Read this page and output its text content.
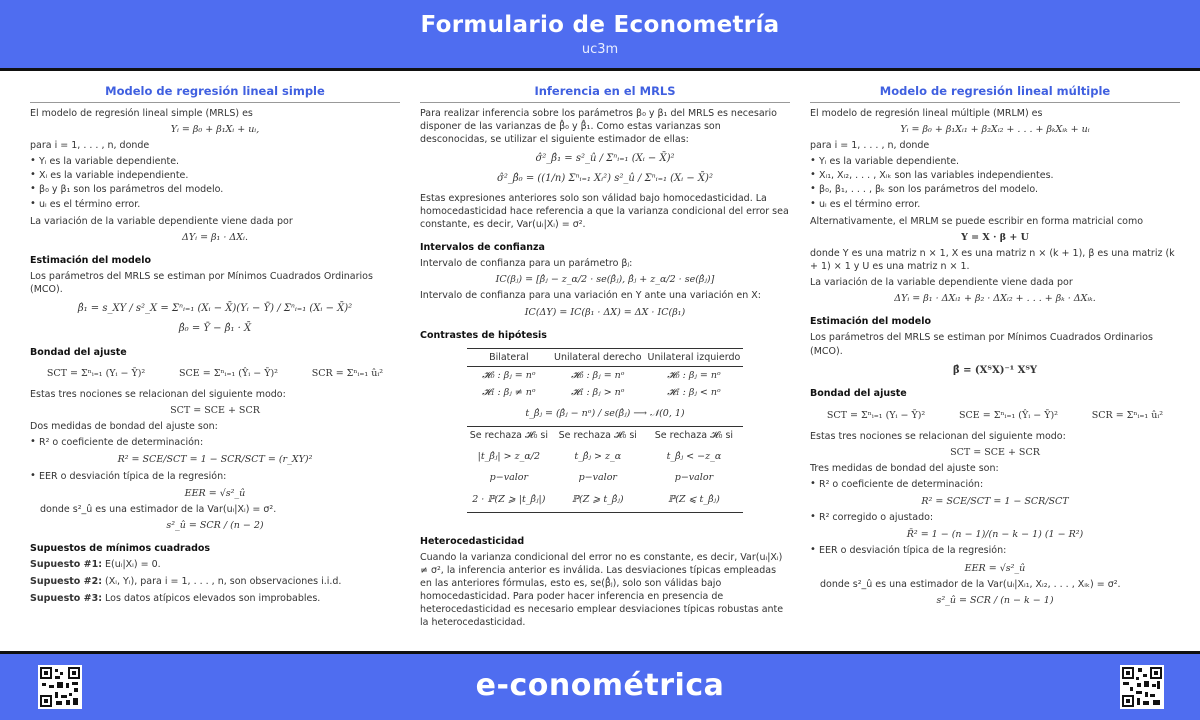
Formulario de Econometría
uc3m
Modelo de regresión lineal simple

El modelo de regresión lineal simple (MRLS) es

Yᵢ = β₀ + β₁Xᵢ + uᵢ,

para i = 1, . . . , n, donde

• Yᵢ es la variable dependiente.
• Xᵢ es la variable independiente.
• β₀ y β₁ son los parámetros del modelo.
• uᵢ es el término error.

La variación de la variable dependiente viene dada por

ΔYᵢ = β₁ · ΔXᵢ.
Estimación del modelo

Los parámetros del MRLS se estiman por Mínimos Cuadrados Ordinarios (MCO).

β̂₁ = s_XY / s²_X = Σⁿᵢ₌₁ (Xᵢ − X̄)(Yᵢ − Ȳ) / Σⁿᵢ₌₁ (Xᵢ − X̄)²
β̂₀ = Ȳ − β̂₁ · X̄
Bondad del ajuste
SCT = Σⁿᵢ₌₁ (Yᵢ − Ȳ)²	SCE = Σⁿᵢ₌₁ (Ŷᵢ − Ȳ)²	SCR = Σⁿᵢ₌₁ ûᵢ²

Estas tres nociones se relacionan del siguiente modo:

SCT = SCE + SCR

Dos medidas de bondad del ajuste son:

• R² o coeficiente de determinación:
R² = SCE/SCT = 1 − SCR/SCT = (r_XY)²
• EER o desviación típica de la regresión:
EER = √s²_û

donde s²_û es una estimador de la Var(uᵢ|Xᵢ) = σ².

s²_û = SCR / (n − 2)
Supuestos de mínimos cuadrados

Supuesto #1: E(uᵢ|Xᵢ) = 0.

Supuesto #2: (Xᵢ, Yᵢ), para i = 1, . . . , n, son observaciones i.i.d.

Supuesto #3: Los datos atípicos elevados son improbables.

Inferencia en el MRLS

Para realizar inferencia sobre los parámetros β₀ y β₁ del MRLS es necesario disponer de las varianzas de β̂₀ y β̂₁. Como estas varianzas son desconocidas, se utilizar el siguiente estimador de ellas:

σ̂²_β̂₁ = s²_û / Σⁿᵢ₌₁ (Xᵢ − X̄)²
σ̂²_β̂₀ = ((1/n) Σⁿᵢ₌₁ Xᵢ²) s²_û / Σⁿᵢ₌₁ (Xᵢ − X̄)²

Estas expresiones anteriores solo son válidad bajo homocedasticidad. La homocedasticidad hace referencia a que la varianza condicional del error sea constante, es decir, Var(uᵢ|Xᵢ) = σ².

Intervalos de confianza

Intervalo de confianza para un parámetro βⱼ:

IC(βⱼ) = [β̂ⱼ − z_α/2 · se(β̂ⱼ), β̂ⱼ + z_α/2 · se(β̂ⱼ)]

Intervalo de confianza para una variación en Y ante una variación en X:

IC(ΔY) = IC(β₁ · ΔX) = ΔX · IC(β₁)
Contrastes de hipótesis
Bilateral	Unilateral derecho	Unilateral izquierdo
𝓗₀ : βⱼ = nᵒ	𝓗₀ : βⱼ = nᵒ	𝓗₀ : βⱼ = nᵒ
𝓗₁ : βⱼ ≠ nᵒ	𝓗₁ : βⱼ > nᵒ	𝓗₁ : βⱼ < nᵒ
t_β̂ⱼ = (β̂ⱼ − nᵒ) / se(β̂ⱼ) ⟶ 𝒩(0, 1)		
Se rechaza 𝓗₀ si	Se rechaza 𝓗₀ si	Se rechaza 𝓗₀ si
|t_β̂ⱼ| > z_α/2	t_β̂ⱼ > z_α	t_β̂ⱼ < −z_α
p−valor	p−valor	p−valor
2 · ℙ(Z ⩾ |t_β̂ⱼ|)	ℙ(Z ⩾ t_β̂ⱼ)	ℙ(Z ⩽ t_β̂ⱼ)
Heterocedasticidad

Cuando la varianza condicional del error no es constante, es decir, Var(uᵢ|Xᵢ) ≠ σ², la inferencia anterior es inválida. Las desviaciones típicas empleadas en las anteriores fórmulas, esto es, se(β̂ⱼ), solo son válidas bajo homocedasticidad. Para poder hacer inferencia en presencia de heterocedasticidad es necesario emplear desviaciones típicas robustas ante la heterocedasticidad.

Modelo de regresión lineal múltiple

El modelo de regresión lineal múltiple (MRLM) es

Yᵢ = β₀ + β₁Xᵢ₁ + β₂Xᵢ₂ + . . . + βₖXᵢₖ + uᵢ

para i = 1, . . . , n, donde

• Yᵢ es la variable dependiente.
• Xᵢ₁, Xᵢ₂, . . . , Xᵢₖ son las variables independientes.
• β₀, β₁, . . . , βₖ son los parámetros del modelo.
• uᵢ es el término error.

Alternativamente, el MRLM se puede escribir en forma matricial como

Y = X · β + U

donde Y es una matriz n × 1, X es una matriz n × (k + 1), β es una matriz (k + 1) × 1 y U es una matriz n × 1.

La variación de la variable dependiente viene dada por

ΔYᵢ = β₁ · ΔXᵢ₁ + β₂ · ΔXᵢ₂ + . . . + βₖ · ΔXᵢₖ.
Estimación del modelo

Los parámetros del MRLS se estiman por Mínimos Cuadrados Ordinarios (MCO).

β̂ = (XᵀX)⁻¹ XᵀY
Bondad del ajuste
SCT = Σⁿᵢ₌₁ (Yᵢ − Ȳ)²	SCE = Σⁿᵢ₌₁ (Ŷᵢ − Ȳ)²	SCR = Σⁿᵢ₌₁ ûᵢ²

Estas tres nociones se relacionan del siguiente modo:

SCT = SCE + SCR

Tres medidas de bondad del ajuste son:

• R² o coeficiente de determinación:
R² = SCE/SCT = 1 − SCR/SCT
• R² corregido o ajustado:
R̄² = 1 − (n − 1)/(n − k − 1) (1 − R²)
• EER o desviación típica de la regresión:
EER = √s²_û

donde s²_û es una estimador de la Var(uᵢ|Xᵢ₁, Xᵢ₂, . . . , Xᵢₖ) = σ².

s²_û = SCR / (n − k − 1)
e-conométrica
